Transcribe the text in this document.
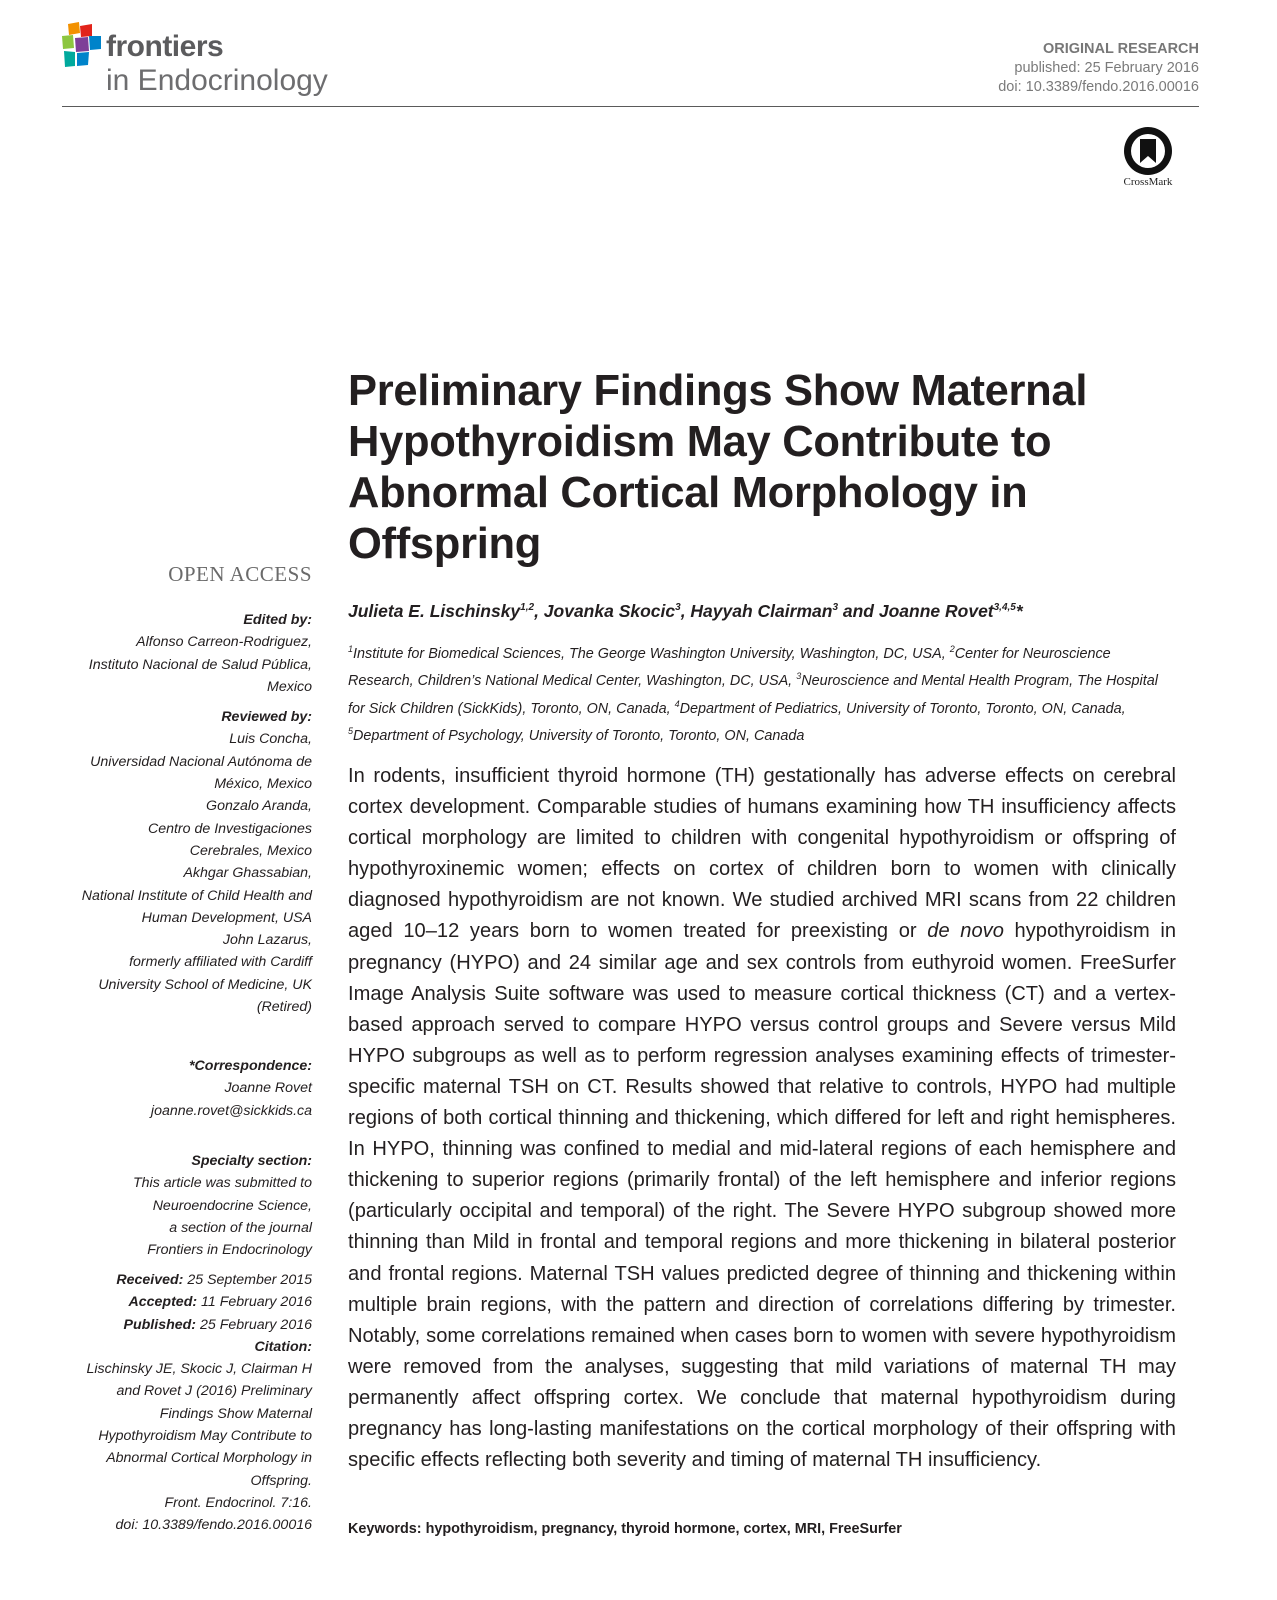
frontiers
in Endocrinology
ORIGINAL RESEARCH
published: 25 February 2016
doi: 10.3389/fendo.2016.00016
CrossMark
Preliminary Findings Show Maternal Hypothyroidism May Contribute to Abnormal Cortical Morphology in Offspring
OPEN ACCESS
Edited by:
Alfonso Carreon-Rodriguez,
Instituto Nacional de Salud Pública,
Mexico
Reviewed by:
Luis Concha,
Universidad Nacional Autónoma de
México, Mexico
Gonzalo Aranda,
Centro de Investigaciones
Cerebrales, Mexico
Akhgar Ghassabian,
National Institute of Child Health and
Human Development, USA
John Lazarus,
formerly affiliated with Cardiff
University School of Medicine, UK
(Retired)
*Correspondence:
Joanne Rovet
joanne.rovet@sickkids.ca
Specialty section:
This article was submitted to
Neuroendocrine Science,
a section of the journal
Frontiers in Endocrinology
Received: 25 September 2015
Accepted: 11 February 2016
Published: 25 February 2016
Citation:
Lischinsky JE, Skocic J, Clairman H
and Rovet J (2016) Preliminary
Findings Show Maternal
Hypothyroidism May Contribute to
Abnormal Cortical Morphology in
Offspring.
Front. Endocrinol. 7:16.
doi: 10.3389/fendo.2016.00016
Julieta E. Lischinsky$^{1,2}$, Jovanka Skocic$^3$, Hayyah Clairman$^3$ and Joanne Rovet$^{3,4,5}$*
$^1$Institute for Biomedical Sciences, The George Washington University, Washington, DC, USA, $^2$Center for Neuroscience Research, Children’s National Medical Center, Washington, DC, USA, $^3$Neuroscience and Mental Health Program, The Hospital for Sick Children (SickKids), Toronto, ON, Canada, $^4$Department of Pediatrics, University of Toronto, Toronto, ON, Canada, $^5$Department of Psychology, University of Toronto, Toronto, ON, Canada

In rodents, insufficient thyroid hormone (TH) gestationally has adverse effects on cerebral cortex development. Comparable studies of humans examining how TH insufficiency affects cortical morphology are limited to children with congenital hypothyroidism or offspring of hypothyroxinemic women; effects on cortex of children born to women with clinically diagnosed hypothyroidism are not known. We studied archived MRI scans from 22 children aged 10–12 years born to women treated for preexisting or de novo hypothyroidism in pregnancy (HYPO) and 24 similar age and sex controls from euthyroid women. FreeSurfer Image Analysis Suite software was used to measure cortical thickness (CT) and a vertex-based approach served to compare HYPO versus control groups and Severe versus Mild HYPO subgroups as well as to perform regression analyses examining effects of trimester-specific maternal TSH on CT. Results showed that relative to controls, HYPO had multiple regions of both cortical thinning and thickening, which differed for left and right hemispheres. In HYPO, thinning was confined to medial and mid-lateral regions of each hemisphere and thickening to superior regions (primarily frontal) of the left hemisphere and inferior regions (particularly occipital and temporal) of the right. The Severe HYPO subgroup showed more thinning than Mild in frontal and temporal regions and more thickening in bilateral posterior and frontal regions. Maternal TSH values predicted degree of thinning and thickening within multiple brain regions, with the pattern and direction of correlations differing by trimester. Notably, some correlations remained when cases born to women with severe hypothyroidism were removed from the analyses, suggesting that mild variations of maternal TH may permanently affect offspring cortex. We conclude that maternal hypothyroidism during pregnancy has long-lasting manifestations on the cortical morphology of their offspring with specific effects reflecting both severity and timing of maternal TH insufficiency.

Keywords: hypothyroidism, pregnancy, thyroid hormone, cortex, MRI, FreeSurfer
